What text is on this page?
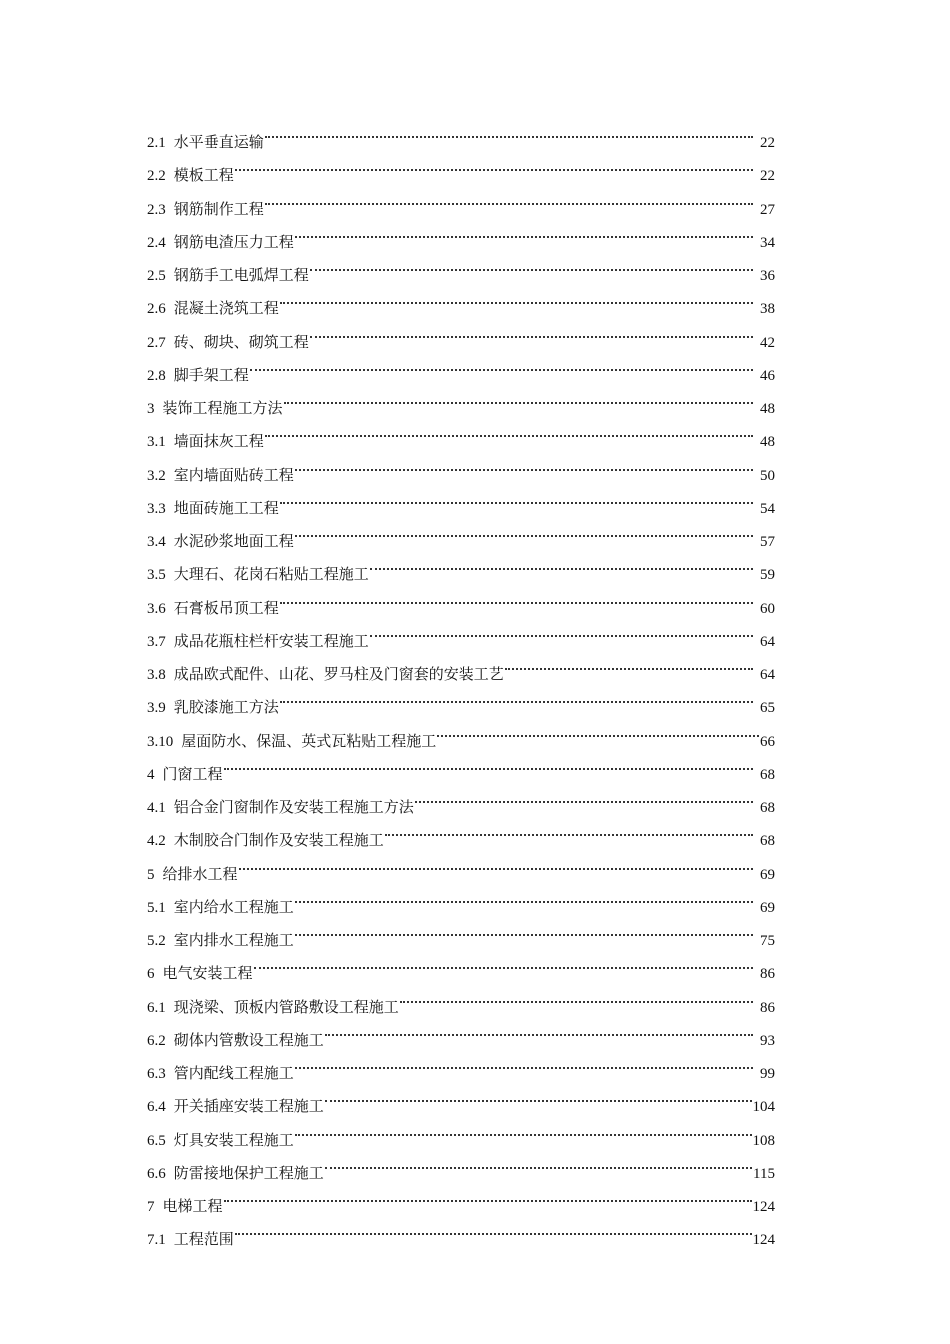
2.1 水平垂直运输	22
2.2 模板工程	22
2.3 钢筋制作工程	27
2.4 钢筋电渣压力工程	34
2.5 钢筋手工电弧焊工程	36
2.6 混凝土浇筑工程	38
2.7 砖、砌块、砌筑工程	42
2.8 脚手架工程	46
3 装饰工程施工方法	48
3.1 墙面抹灰工程	48
3.2 室内墙面贴砖工程	50
3.3 地面砖施工工程	54
3.4 水泥砂浆地面工程	57
3.5 大理石、花岗石粘贴工程施工	59
3.6 石膏板吊顶工程	60
3.7 成品花瓶柱栏杆安装工程施工	64
3.8 成品欧式配件、山花、罗马柱及门窗套的安装工艺	64
3.9 乳胶漆施工方法	65
3.10 屋面防水、保温、英式瓦粘贴工程施工	66
4 门窗工程	68
4.1 铝合金门窗制作及安装工程施工方法	68
4.2 木制胶合门制作及安装工程施工	68
5 给排水工程	69
5.1 室内给水工程施工	69
5.2 室内排水工程施工	75
6 电气安装工程	86
6.1 现浇梁、顶板内管路敷设工程施工	86
6.2 砌体内管敷设工程施工	93
6.3 管内配线工程施工	99
6.4 开关插座安装工程施工	104
6.5 灯具安装工程施工	108
6.6 防雷接地保护工程施工	115
7 电梯工程	124
7.1 工程范围	124
